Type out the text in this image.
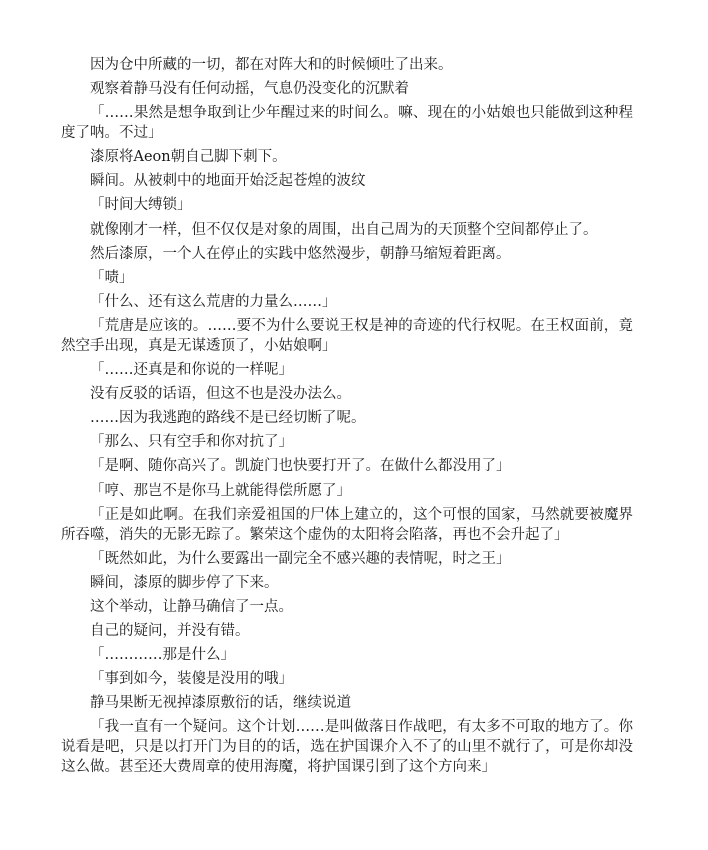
因为仓中所藏的一切，都在对阵大和的时候倾吐了出来。

观察着静马没有任何动摇，气息仍没变化的沉默着

「……果然是想争取到让少年醒过来的时间么。嘛、现在的小姑娘也只能做到这种程度了呐。不过」

漆原将Aeon朝自己脚下刺下。

瞬间。从被刺中的地面开始泛起苍煌的波纹

「时间大缚锁」

就像刚才一样，但不仅仅是对象的周围，出自己周为的天顶整个空间都停止了。

然后漆原，一个人在停止的实践中悠然漫步，朝静马缩短着距离。

「啧」

「什么、还有这么荒唐的力量么……」

「荒唐是应该的。……要不为什么要说王权是神的奇迹的代行权呢。在王权面前，竟然空手出现，真是无谋透顶了，小姑娘啊」

「……还真是和你说的一样呢」

没有反驳的话语，但这不也是没办法么。

……因为我逃跑的路线不是已经切断了呢。

「那么、只有空手和你对抗了」

「是啊、随你高兴了。凯旋门也快要打开了。在做什么都没用了」

「哼、那岂不是你马上就能得偿所愿了」

「正是如此啊。在我们亲爱祖国的尸体上建立的，这个可恨的国家，马然就要被魔界所吞噬，消失的无影无踪了。繁荣这个虚伪的太阳将会陷落，再也不会升起了」

「既然如此，为什么要露出一副完全不感兴趣的表情呢，时之王」

瞬间，漆原的脚步停了下来。

这个举动，让静马确信了一点。

自己的疑问，并没有错。

「…………那是什么」

「事到如今，装傻是没用的哦」

静马果断无视掉漆原敷衍的话，继续说道

「我一直有一个疑问。这个计划……是叫做落日作战吧，有太多不可取的地方了。你说看是吧，只是以打开门为目的的话，选在护国课介入不了的山里不就行了，可是你却没这么做。甚至还大费周章的使用海魔，将护国课引到了这个方向来」
